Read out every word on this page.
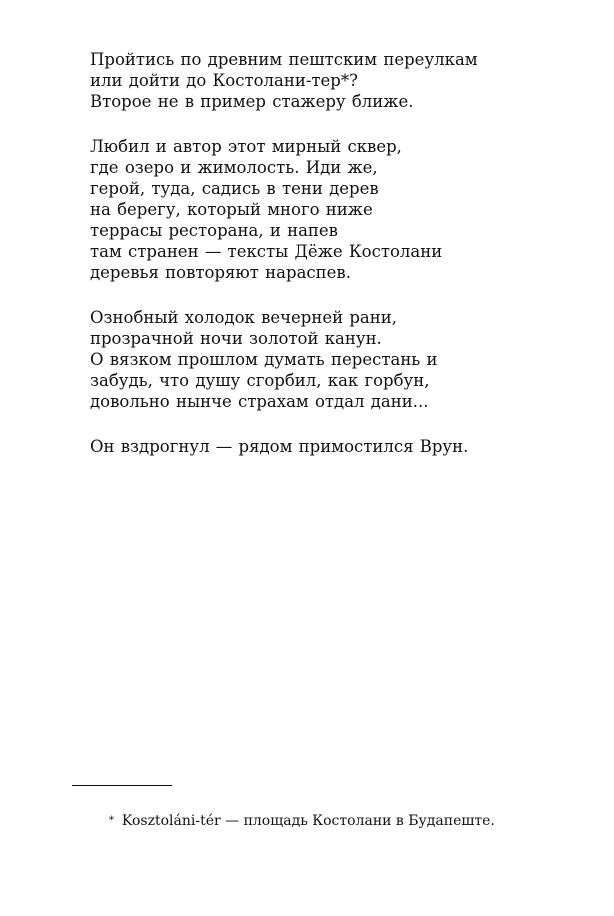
Пройтись по древним пештским переулкам
или дойти до Костолани-тер*?
Второе не в пример стажеру ближе.
Любил и автор этот мирный сквер,
где озеро и жимолость. Иди же,
герой, туда, садись в тени дерев
на берегу, который много ниже
террасы ресторана, и напев
там странен — тексты Дёже Костолани
деревья повторяют нараспев.
Ознобный холодок вечерней рани,
прозрачной ночи золотой канун.
О вязком прошлом думать перестань и
забудь, что душу сгорбил, как горбун,
довольно нынче страхам отдал дани...
Он вздрогнул — рядом примостился Врун.

* Kosztoláni-tér — площадь Костолани в Будапеште.
